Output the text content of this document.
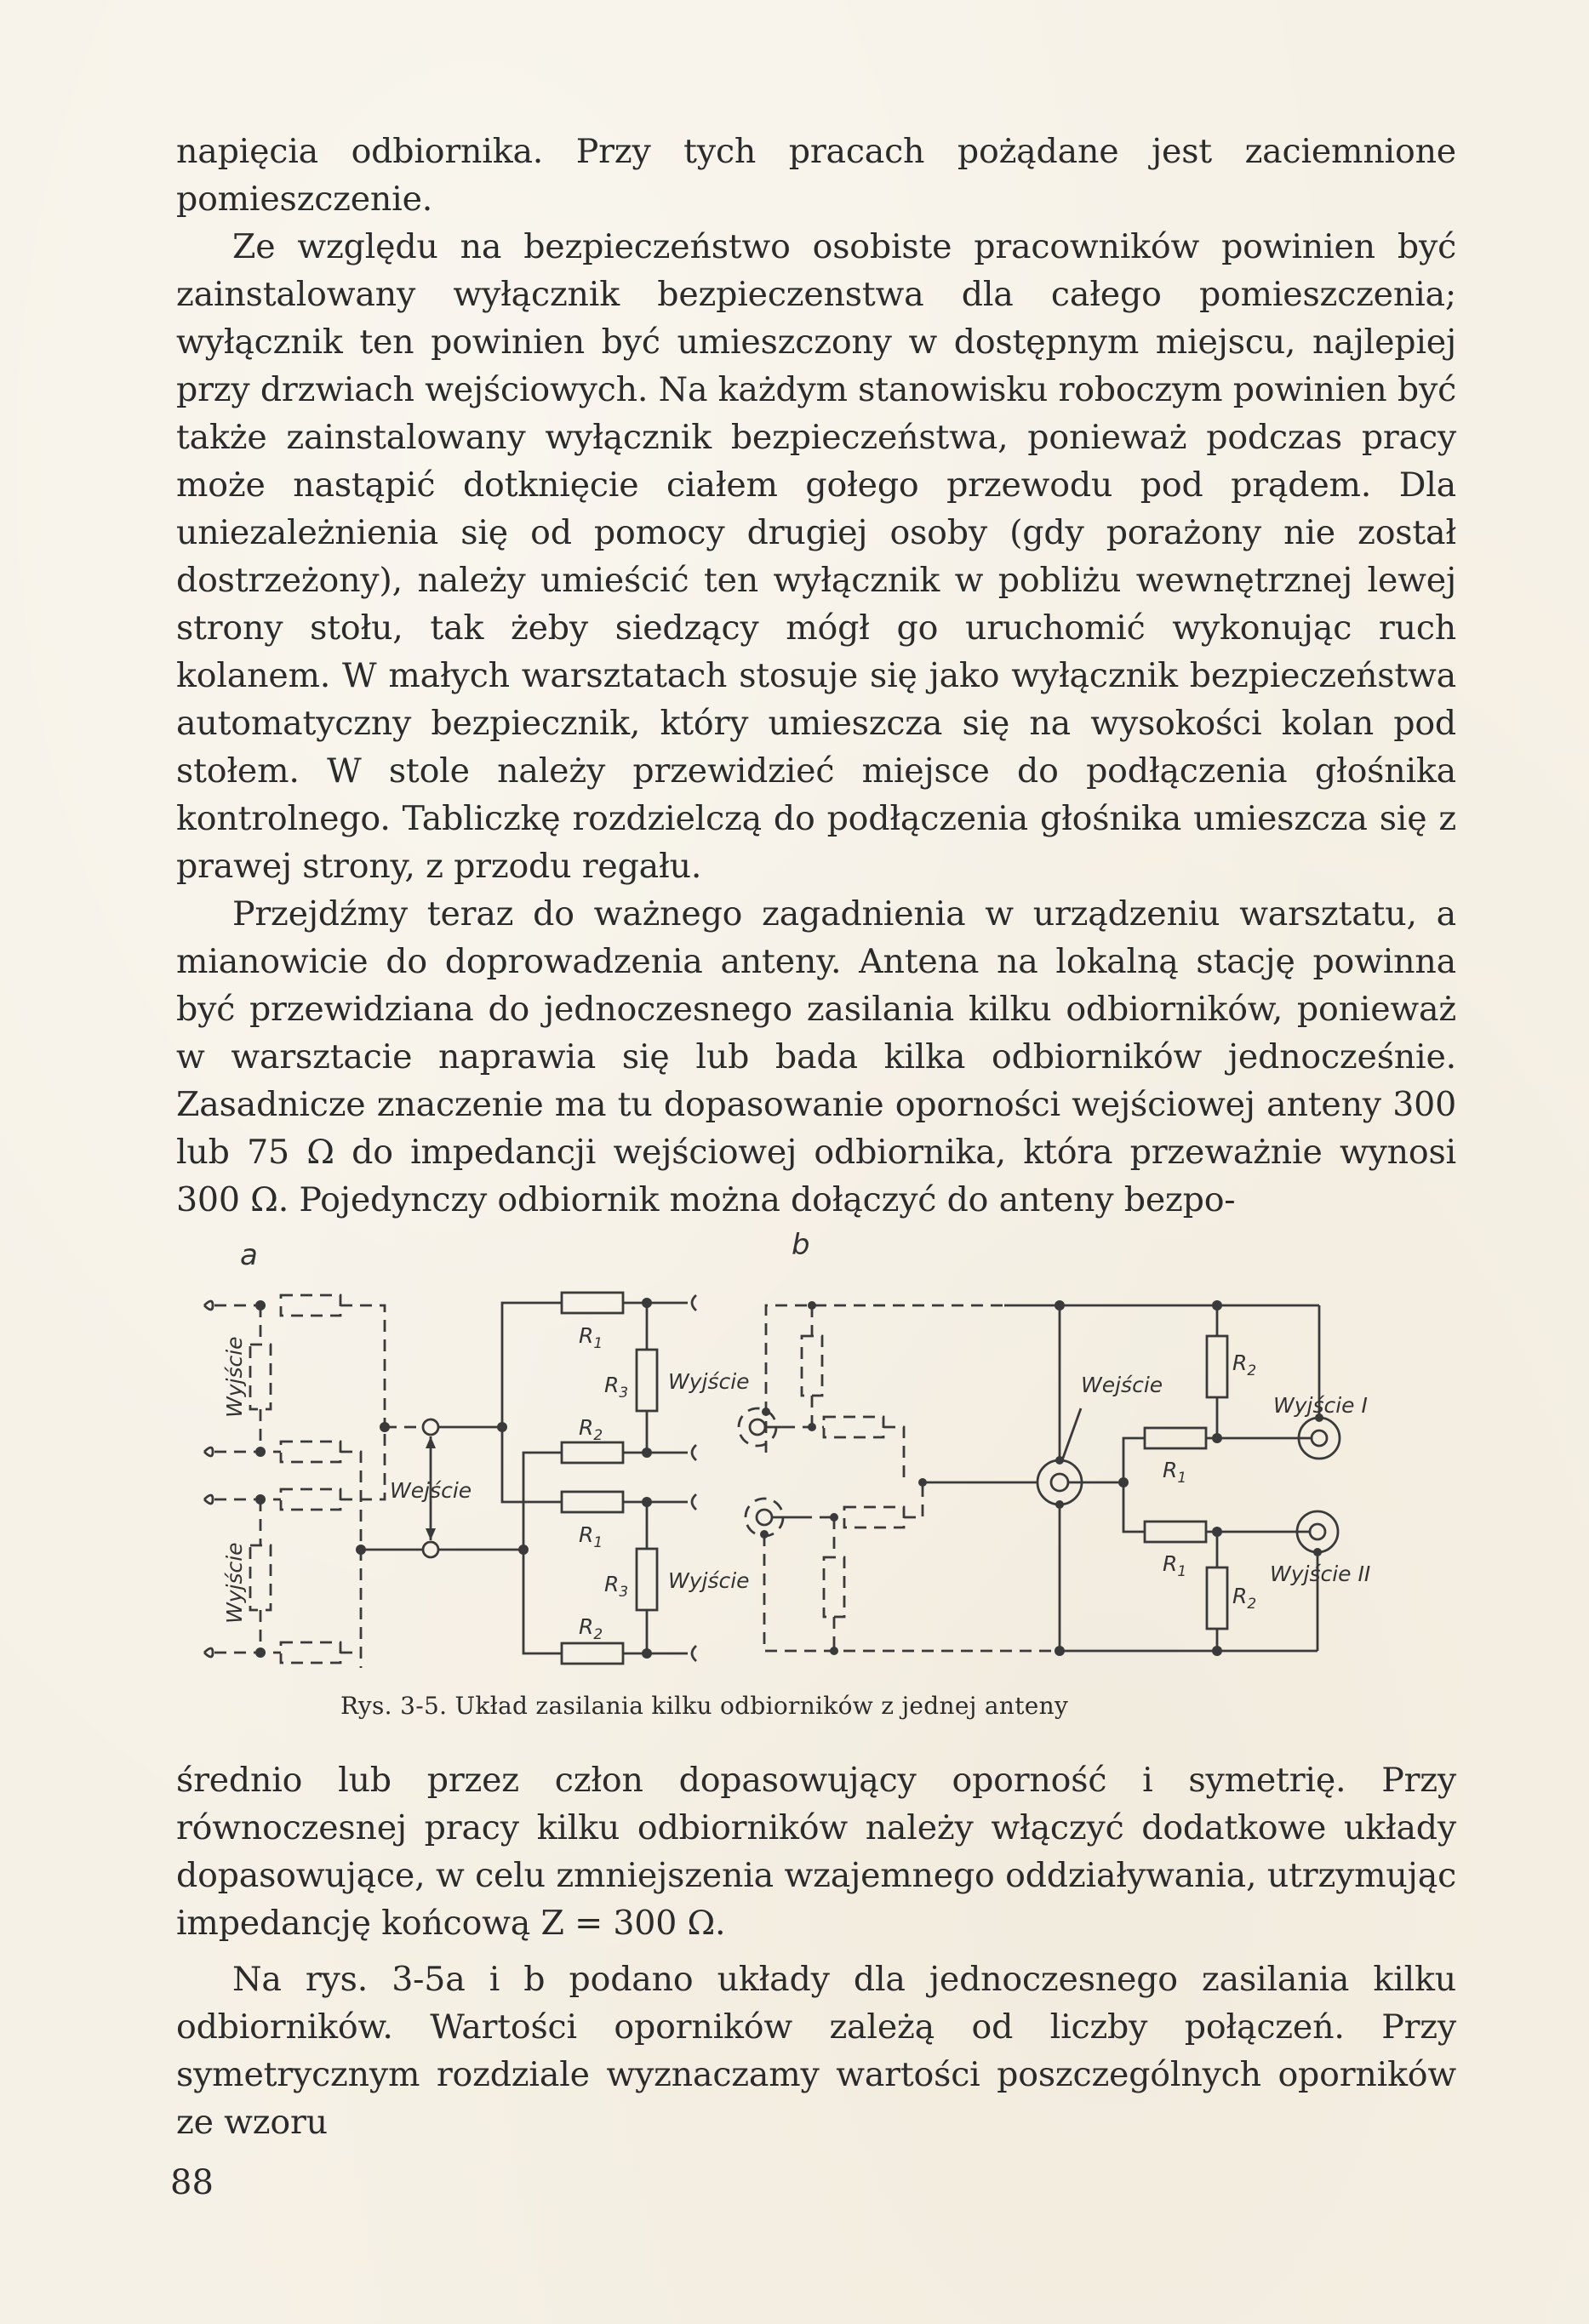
napięcia odbiornika. Przy tych pracach pożądane jest zaciemnione pomieszczenie.

Ze względu na bezpieczeństwo osobiste pracowników powinien być zainstalowany wyłącznik bezpieczenstwa dla całego pomieszczenia; wyłącznik ten powinien być umieszczony w dostępnym miejscu, najlepiej przy drzwiach wejściowych. Na każdym stanowisku roboczym powinien być także zainstalowany wyłącznik bezpieczeństwa, ponieważ podczas pracy może nastąpić dotknięcie ciałem gołego przewodu pod prądem. Dla uniezależnienia się od pomocy drugiej osoby (gdy porażony nie został dostrzeżony), należy umieścić ten wyłącznik w pobliżu wewnętrznej lewej strony stołu, tak żeby siedzący mógł go uruchomić wykonując ruch kolanem. W małych warsztatach stosuje się jako wyłącznik bezpieczeństwa automatyczny bezpiecznik, który umieszcza się na wysokości kolan pod stołem. W stole należy przewidzieć miejsce do podłączenia głośnika kontrolnego. Tabliczkę rozdzielczą do podłączenia głośnika umieszcza się z prawej strony, z przodu regału.

Przejdźmy teraz do ważnego zagadnienia w urządzeniu warsztatu, a mianowicie do doprowadzenia anteny. Antena na lokalną stację powinna być przewidziana do jednoczesnego zasilania kilku odbiorników, ponieważ w warsztacie naprawia się lub bada kilka odbiorników jednocześnie. Zasadnicze znaczenie ma tu dopasowanie oporności wejściowej anteny 300 lub 75 Ω do impedancji wejściowej odbiornika, która przeważnie wynosi 300 Ω. Pojedynczy odbiornik można dołączyć do anteny bezpo-

a
Wyjście
Wyjście
Wejście
$R_1$
$R_3$
$R_2$
$R_1$
$R_3$
$R_2$
Wyjście
Wyjście
b
Wejście
$R_2$
$R_1$
$R_1$
$R_2$
Wyjście I
Wyjście II
Rys. 3-5. Układ zasilania kilku odbiorników z jednej anteny

średnio lub przez człon dopasowujący oporność i symetrię. Przy równoczesnej pracy kilku odbiorników należy włączyć dodatkowe układy dopasowujące, w celu zmniejszenia wzajemnego oddziaływania, utrzymując impedancję końcową Z = 300 Ω.

Na rys. 3-5a i b podano układy dla jednoczesnego zasilania kilku odbiorników. Wartości oporników zależą od liczby połączeń. Przy symetrycznym rozdziale wyznaczamy wartości poszczególnych oporników ze wzoru

88
